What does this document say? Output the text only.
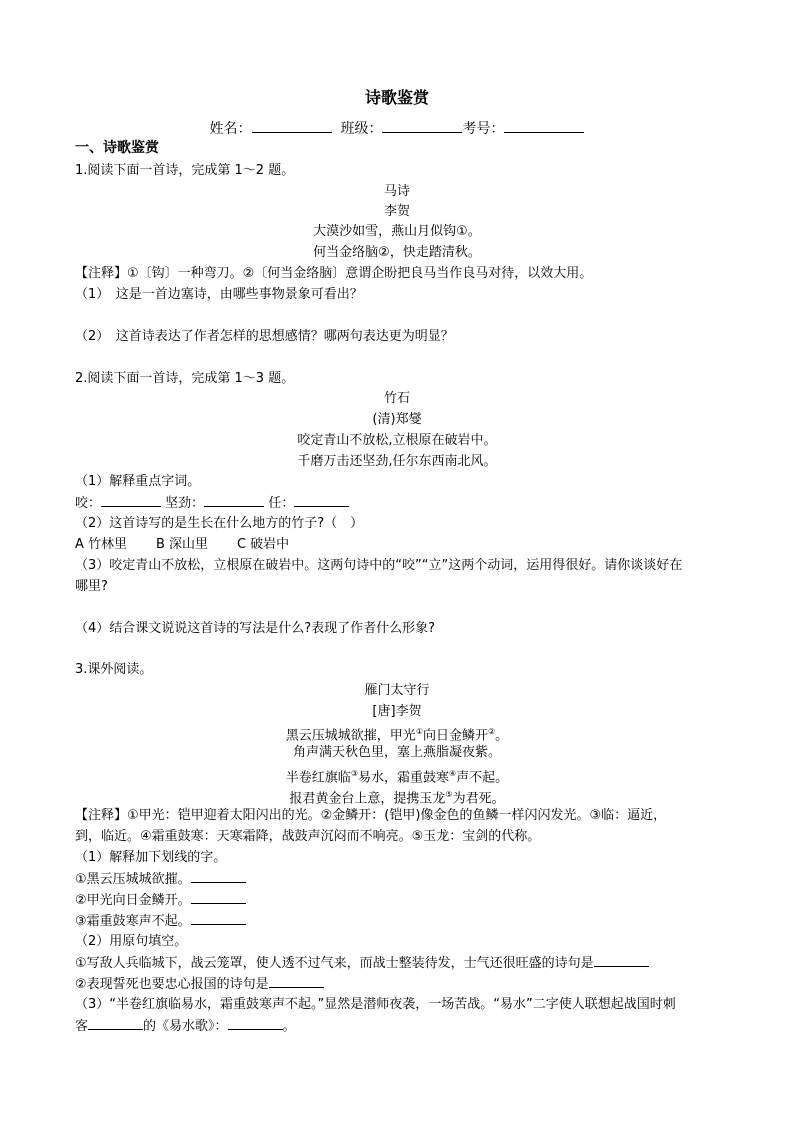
诗歌鉴赏
姓名：	班级：	考号：
一、诗歌鉴赏
1.阅读下面一首诗，完成第 1～2 题。
马诗
李贺
大漠沙如雪，燕山月似钩①。
何当金络脑②，快走踏清秋。
【注释】①〔钩〕一种弯刀。②〔何当金络脑〕意谓企盼把良马当作良马对待，以效大用。
（1）　这是一首边塞诗，由哪些事物景象可看出？
（2）　这首诗表达了作者怎样的思想感情？哪两句表达更为明显？
2.阅读下面一首诗，完成第 1～3 题。
竹石
(清)郑燮
咬定青山不放松,立根原在破岩中。
千磨万击还坚劲,任尔东西南北风。
（1）解释重点字词。
咬：	坚劲：	任：
（2）这首诗写的是生长在什么地方的竹子?（　）
A 竹林里 B 深山里 C 破岩中
（3）咬定青山不放松，立根原在破岩中。这两句诗中的“咬”“立”这两个动词，运用得很好。请你谈谈好在
哪里?
（4）结合课文说说这首诗的写法是什么?表现了作者什么形象?
3.课外阅读。
雁门太守行
[唐]李贺
黑云压城城欲摧，甲光①向日金鳞开②。
角声满天秋色里，塞上燕脂凝夜紫。
半卷红旗临③易水，霜重鼓寒④声不起。
报君黄金台上意，提携玉龙⑤为君死。
【注释】①甲光：铠甲迎着太阳闪出的光。②金鳞开：(铠甲)像金色的鱼鳞一样闪闪发光。③临：逼近，
到，临近。④霜重鼓寒：天寒霜降，战鼓声沉闷而不响亮。⑤玉龙：宝剑的代称。
（1）解释加下划线的字。
①黑云压城城欲摧。
②甲光向日金鳞开。
③霜重鼓寒声不起。
（2）用原句填空。
①写敌人兵临城下，战云笼罩，使人透不过气来，而战士整装待发，士气还很旺盛的诗句是
②表现誓死也要忠心报国的诗句是
（3）“半卷红旗临易水，霜重鼓寒声不起。”显然是潜师夜袭，一场苦战。“易水”二字使人联想起战国时刺
客	的《易水歌》：	。
